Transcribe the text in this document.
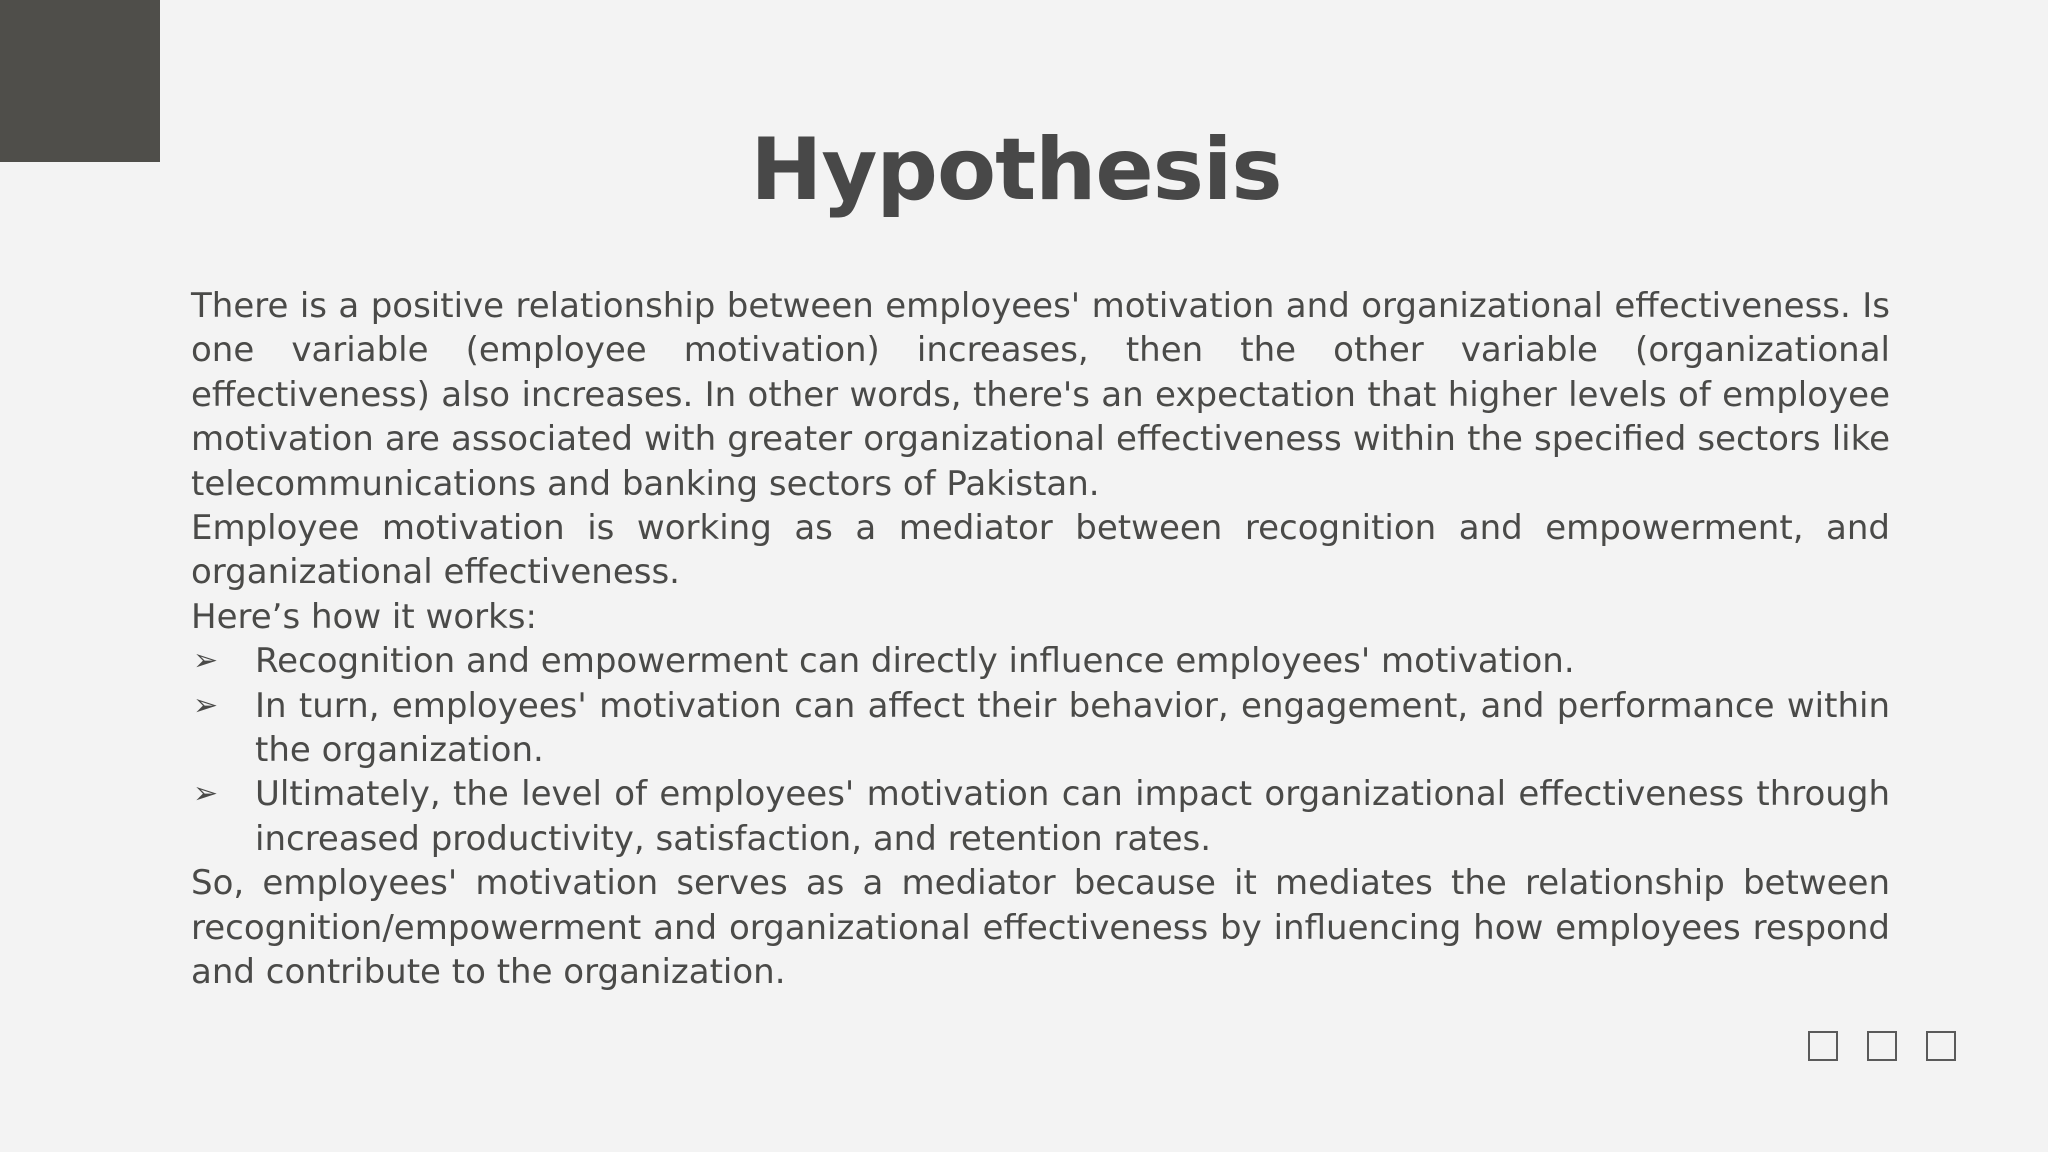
Hypothesis

There is a positive relationship between employees' motivation and organizational effectiveness. Is one variable (employee motivation) increases, then the other variable (organizational effectiveness) also increases. In other words, there's an expectation that higher levels of employee motivation are associated with greater organizational effectiveness within the specified sectors like telecommunications and banking sectors of Pakistan.

Employee motivation is working as a mediator between recognition and empowerment, and organizational effectiveness.

Here’s how it works:

➢ Recognition and empowerment can directly influence employees' motivation.
➢ In turn, employees' motivation can affect their behavior, engagement, and performance within the organization.
➢ Ultimately, the level of employees' motivation can impact organizational effectiveness through increased productivity, satisfaction, and retention rates.

So, employees' motivation serves as a mediator because it mediates the relationship between recognition/empowerment and organizational effectiveness by influencing how employees respond and contribute to the organization.
